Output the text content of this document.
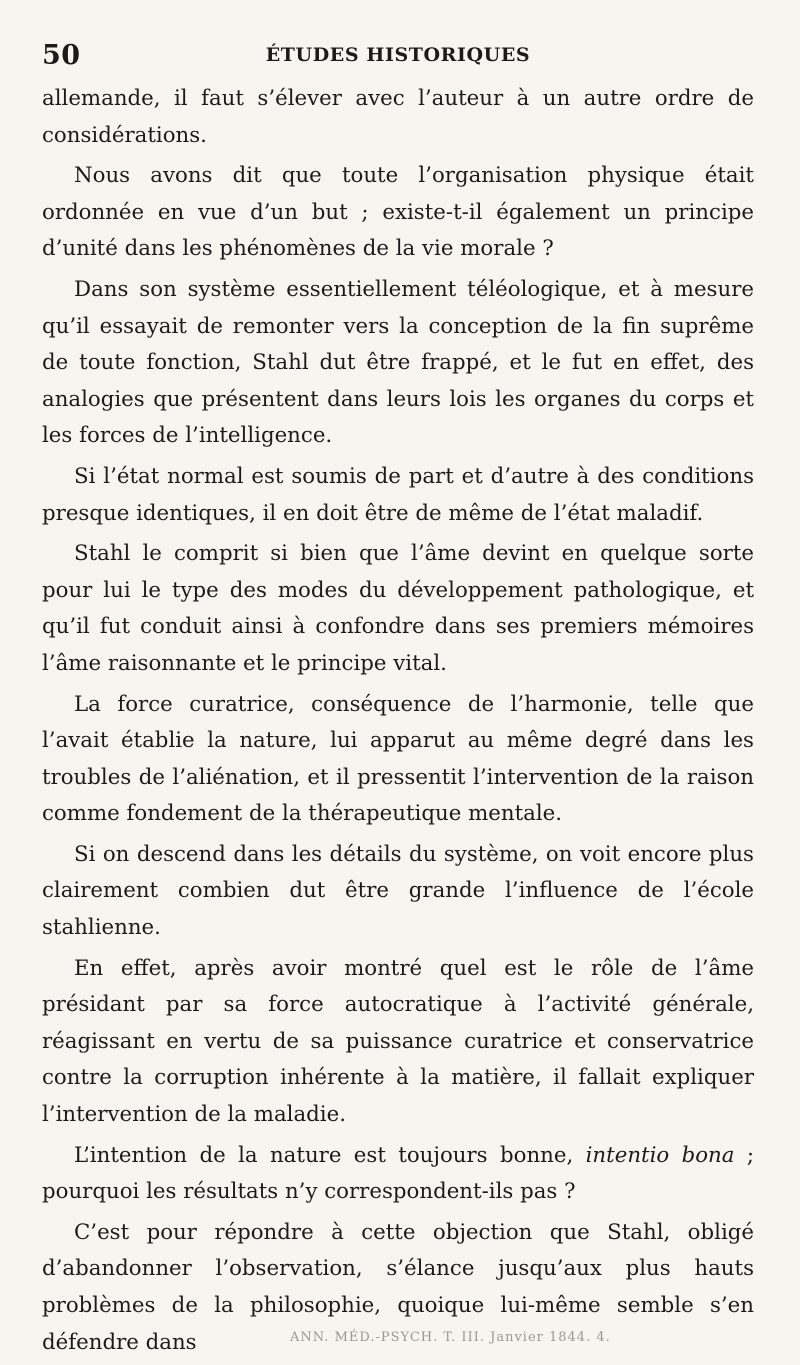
50	ÉTUDES HISTORIQUES

allemande, il faut s’élever avec l’auteur à un autre ordre de considérations.

Nous avons dit que toute l’organisation physique était ordonnée en vue d’un but ; existe-t-il également un principe d’unité dans les phénomènes de la vie morale ?

Dans son système essentiellement téléologique, et à mesure qu’il essayait de remonter vers la conception de la fin suprême de toute fonction, Stahl dut être frappé, et le fut en effet, des analogies que présentent dans leurs lois les organes du corps et les forces de l’intelligence.

Si l’état normal est soumis de part et d’autre à des conditions presque identiques, il en doit être de même de l’état maladif.

Stahl le comprit si bien que l’âme devint en quelque sorte pour lui le type des modes du développement pathologique, et qu’il fut conduit ainsi à confondre dans ses premiers mémoires l’âme raisonnante et le principe vital.

La force curatrice, conséquence de l’harmonie, telle que l’avait établie la nature, lui apparut au même degré dans les troubles de l’aliénation, et il pressentit l’intervention de la raison comme fondement de la thérapeutique mentale.

Si on descend dans les détails du système, on voit encore plus clairement combien dut être grande l’influence de l’école stahlienne.

En effet, après avoir montré quel est le rôle de l’âme présidant par sa force autocratique à l’activité générale, réagissant en vertu de sa puissance curatrice et conservatrice contre la corruption inhérente à la matière, il fallait expliquer l’intervention de la maladie.

L’intention de la nature est toujours bonne, intentio bona ; pourquoi les résultats n’y correspondent-ils pas ?

C’est pour répondre à cette objection que Stahl, obligé d’abandonner l’observation, s’élance jusqu’aux plus hauts problèmes de la philosophie, quoique lui-même semble s’en défendre dans	ANN. MÉD.-PSYCH. T. III. Janvier 1844. 4.
